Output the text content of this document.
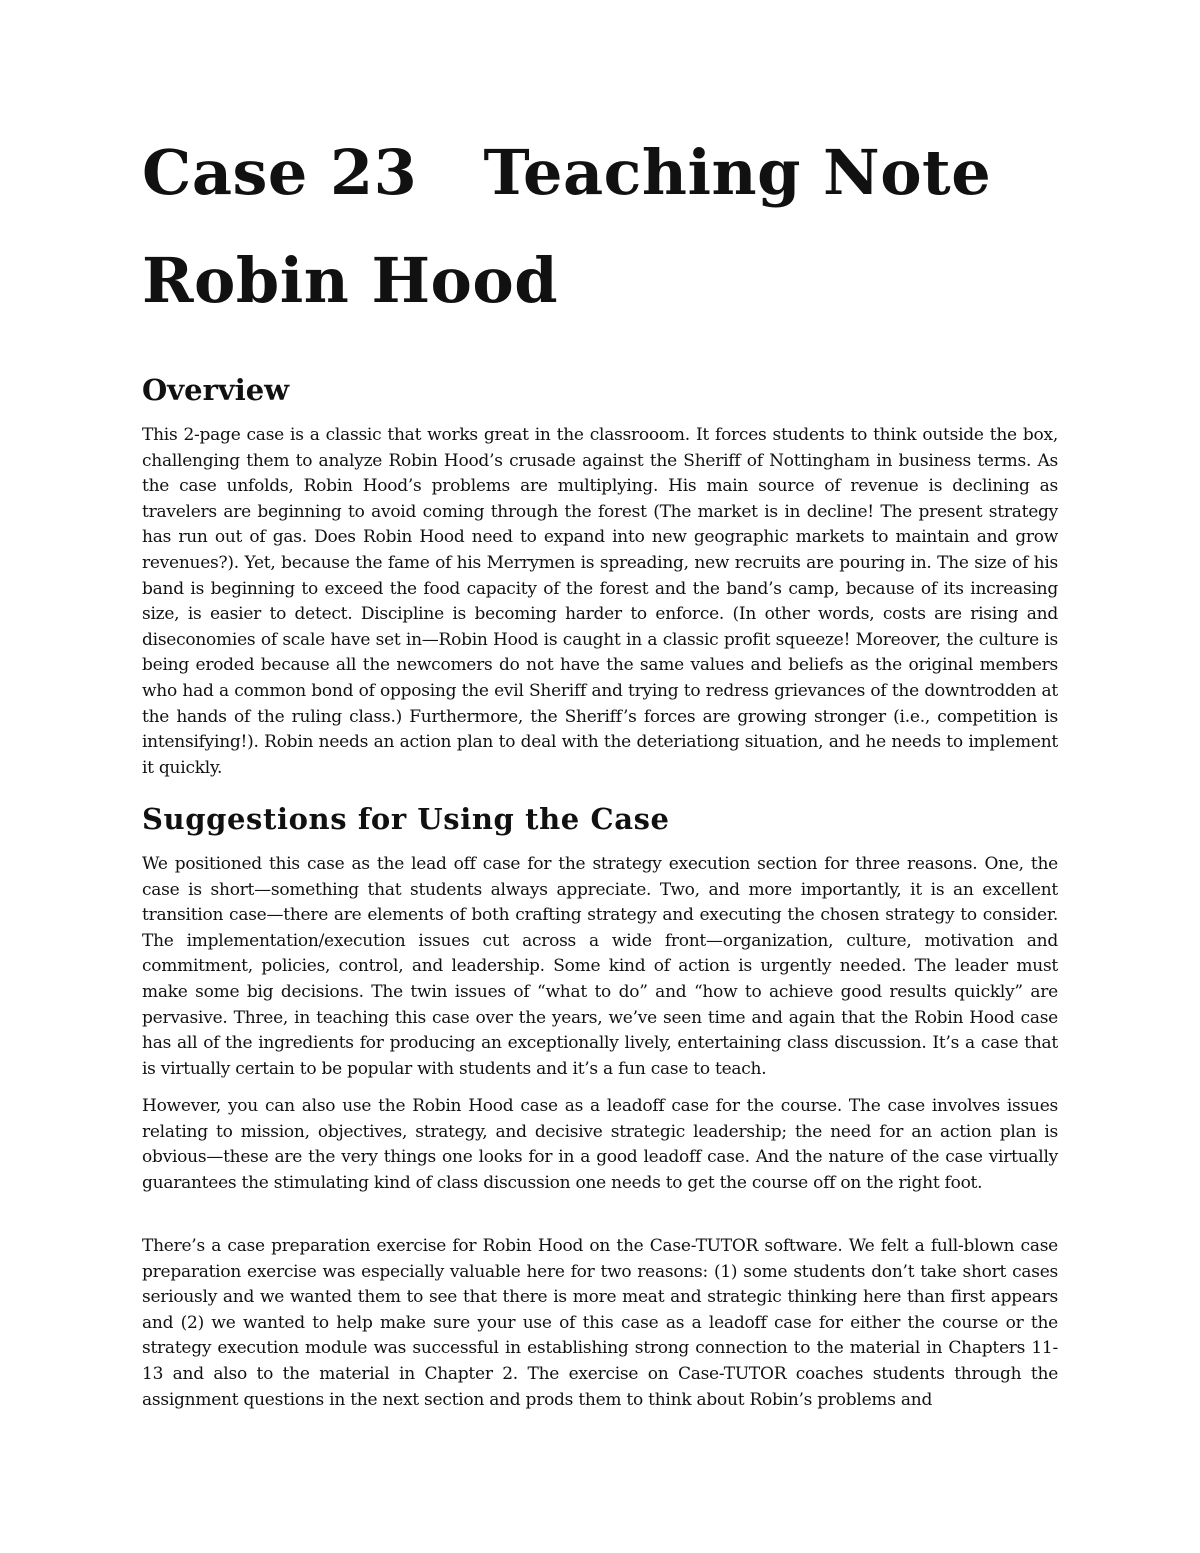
Case 23   Teaching Note
Robin Hood
Overview

This 2-page case is a classic that works great in the classrooom. It forces students to think outside the box, challenging them to analyze Robin Hood’s crusade against the Sheriff of Nottingham in business terms. As the case unfolds, Robin Hood’s problems are multiplying. His main source of revenue is declining as travelers are beginning to avoid coming through the forest (The market is in decline! The present strategy has run out of gas. Does Robin Hood need to expand into new geographic markets to maintain and grow revenues?). Yet, because the fame of his Merrymen is spreading, new recruits are pouring in. The size of his band is beginning to exceed the food capacity of the forest and the band’s camp, because of its increasing size, is easier to detect. Discipline is becoming harder to enforce. (In other words, costs are rising and diseconomies of scale have set in—Robin Hood is caught in a classic profit squeeze! Moreover, the culture is being eroded because all the newcomers do not have the same values and beliefs as the original members who had a common bond of opposing the evil Sheriff and trying to redress grievances of the downtrodden at the hands of the ruling class.) Furthermore, the Sheriff’s forces are growing stronger (i.e., competition is intensifying!). Robin needs an action plan to deal with the deteriationg situation, and he needs to implement it quickly.

Suggestions for Using the Case

We positioned this case as the lead off case for the strategy execution section for three reasons. One, the case is short—something that students always appreciate. Two, and more importantly, it is an excellent transition case—there are elements of both crafting strategy and executing the chosen strategy to consider. The implementation/execution issues cut across a wide front—organization, culture, motivation and commitment, policies, control, and leadership. Some kind of action is urgently needed. The leader must make some big decisions. The twin issues of “what to do” and “how to achieve good results quickly” are pervasive. Three, in teaching this case over the years, we’ve seen time and again that the Robin Hood case has all of the ingredients for producing an exceptionally lively, entertaining class discussion. It’s a case that is virtually certain to be popular with students and it’s a fun case to teach.

However, you can also use the Robin Hood case as a leadoff case for the course. The case involves issues relating to mission, objectives, strategy, and decisive strategic leadership; the need for an action plan is obvious—these are the very things one looks for in a good leadoff case. And the nature of the case virtually guarantees the stimulating kind of class discussion one needs to get the course off on the right foot.

There’s a case preparation exercise for Robin Hood on the Case-TUTOR software. We felt a full-blown case preparation exercise was especially valuable here for two reasons: (1) some students don’t take short cases seriously and we wanted them to see that there is more meat and strategic thinking here than first appears and (2) we wanted to help make sure your use of this case as a leadoff case for either the course or the strategy execution module was successful in establishing strong connection to the material in Chapters 11-13 and also to the material in Chapter 2. The exercise on Case-TUTOR coaches students through the assignment questions in the next section and prods them to think about Robin’s problems and
